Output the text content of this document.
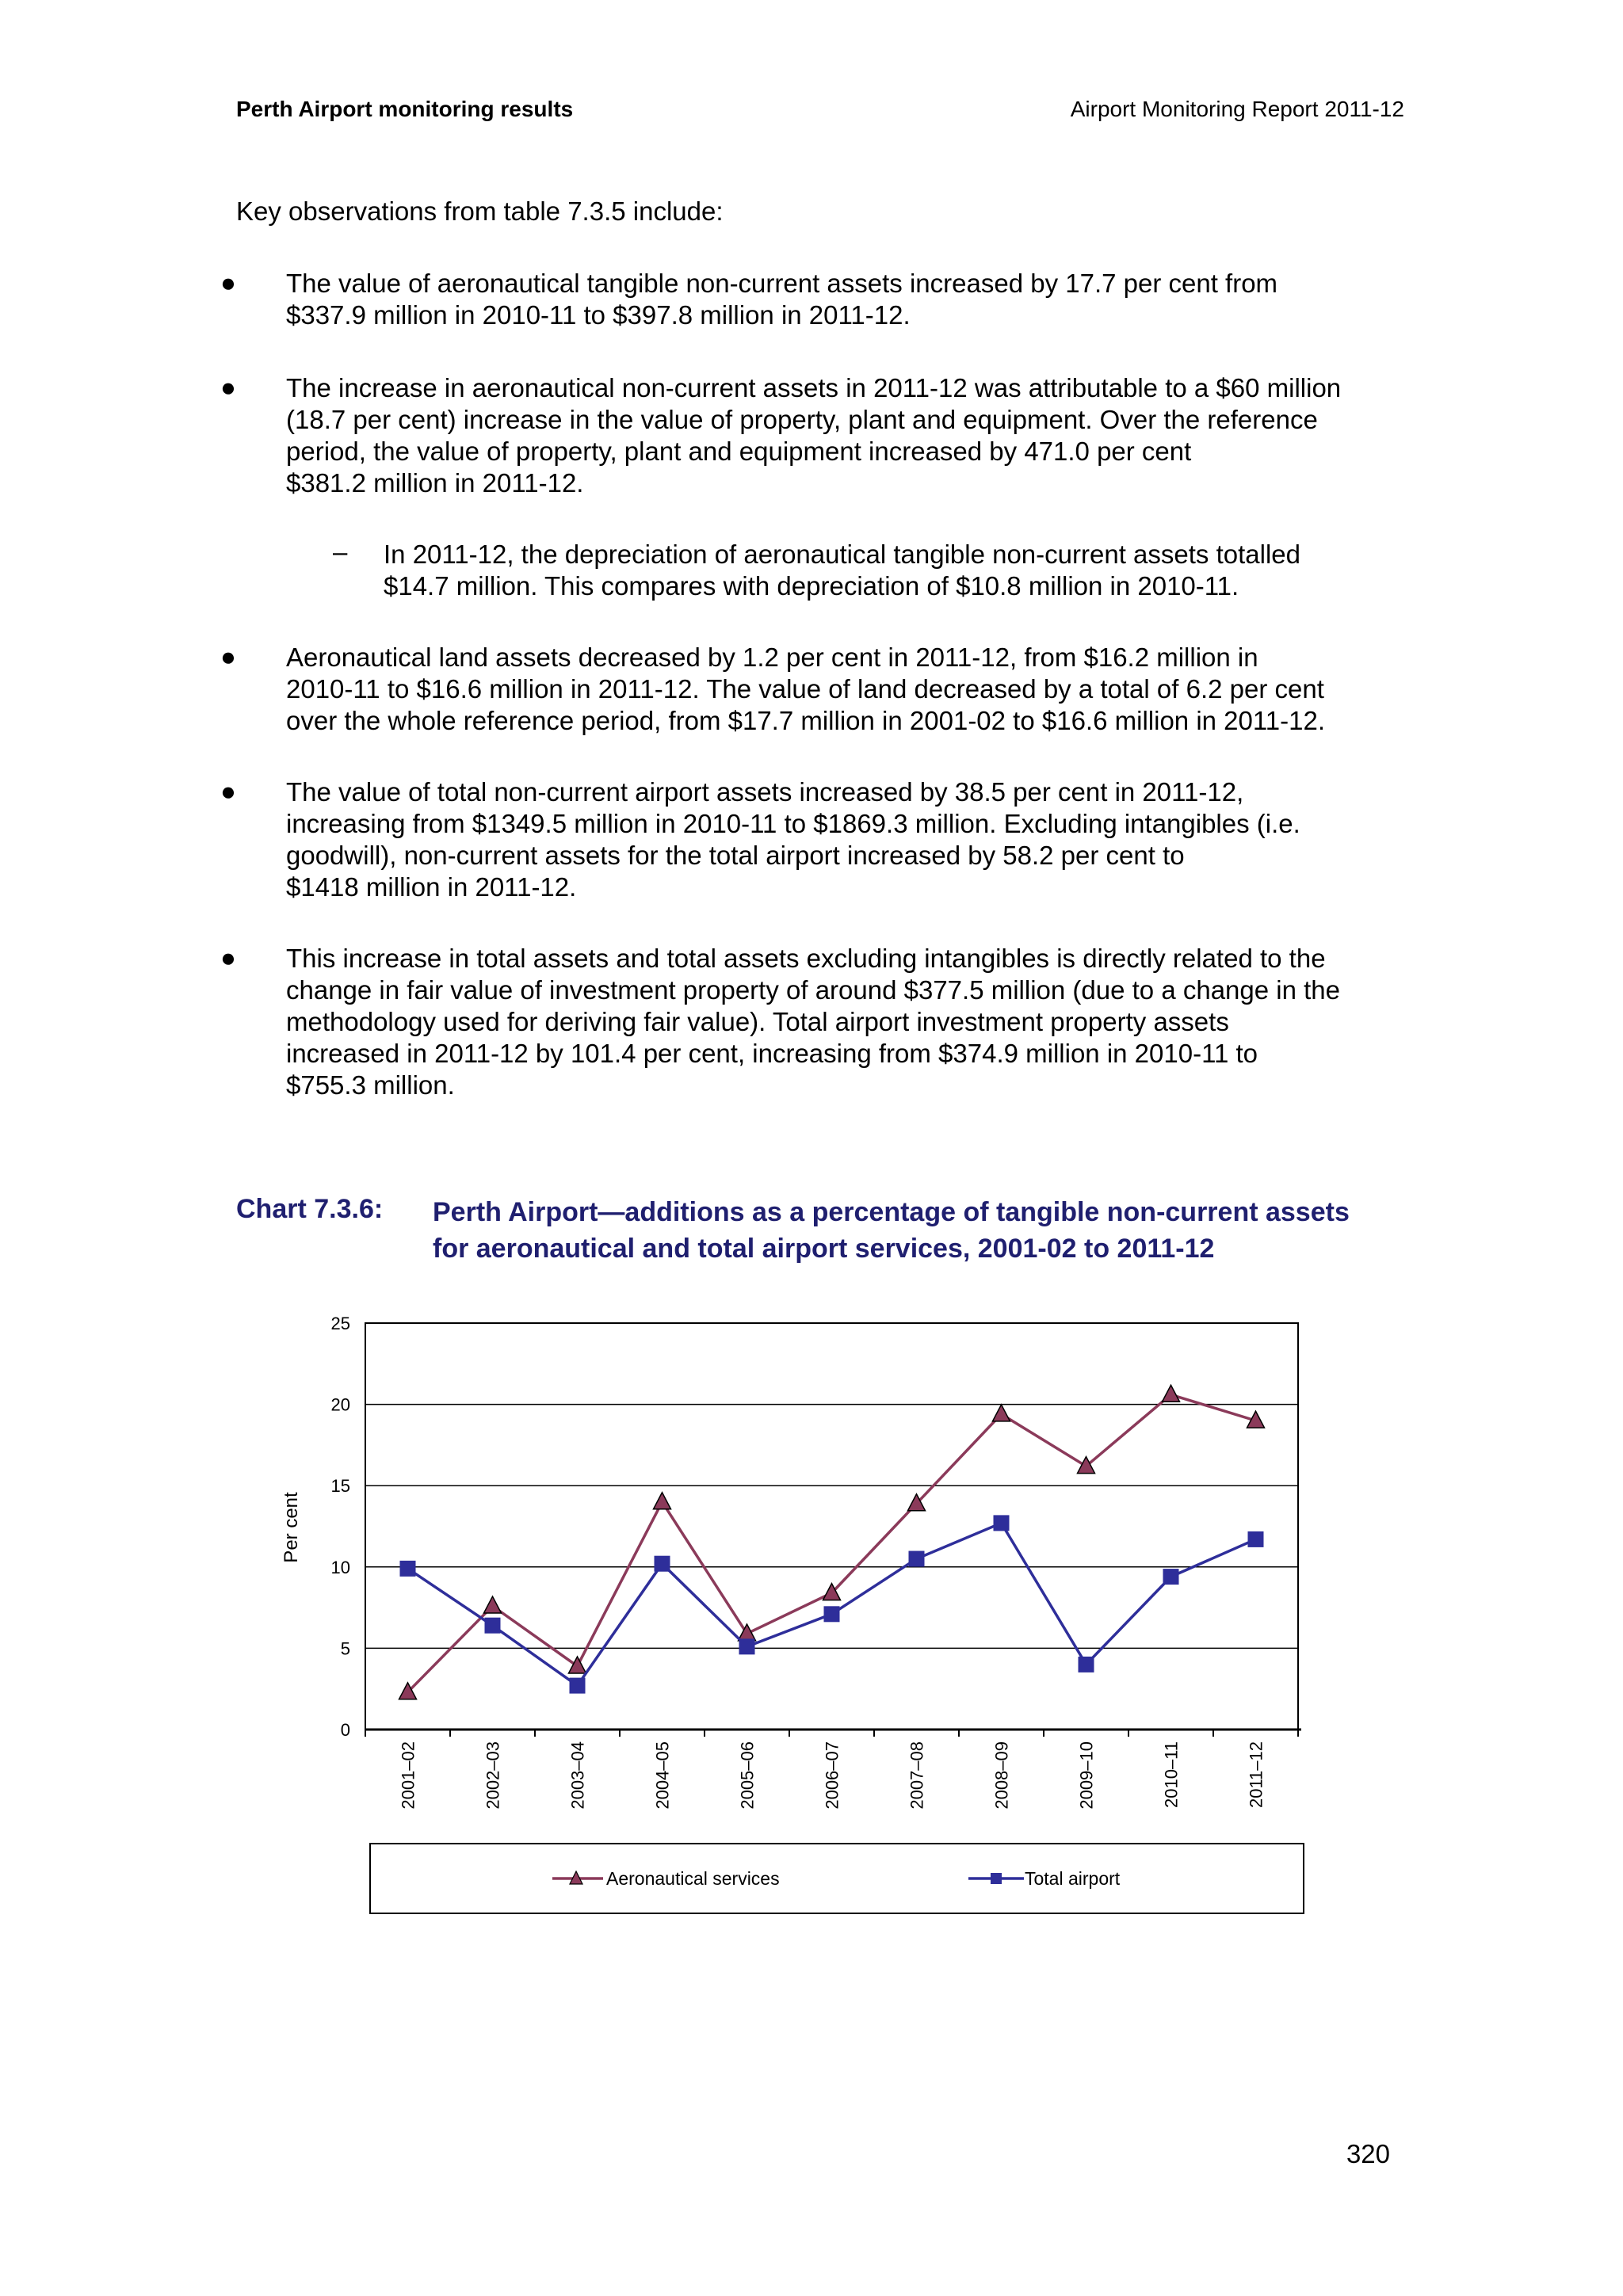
Perth Airport monitoring results	Airport Monitoring Report 2011-12
Key observations from table 7.3.5 include:
●	The value of aeronautical tangible non-current assets increased by 17.7 per cent from
$337.9 million in 2010-11 to $397.8 million in 2011-12.
●	The increase in aeronautical non-current assets in 2011-12 was attributable to a $60 million
(18.7 per cent) increase in the value of property, plant and equipment. Over the reference
period, the value of property, plant and equipment increased by 471.0 per cent
$381.2 million in 2011-12.
– In 2011-12, the depreciation of aeronautical tangible non-current assets totalled
$14.7 million. This compares with depreciation of $10.8 million in 2010-11.
●	Aeronautical land assets decreased by 1.2 per cent in 2011-12, from $16.2 million in
2010-11 to $16.6 million in 2011-12. The value of land decreased by a total of 6.2 per cent
over the whole reference period, from $17.7 million in 2001-02 to $16.6 million in 2011-12.
●	The value of total non-current airport assets increased by 38.5 per cent in 2011-12,
increasing from $1349.5 million in 2010-11 to $1869.3 million. Excluding intangibles (i.e.
goodwill), non-current assets for the total airport increased by 58.2 per cent to
$1418 million in 2011-12.
●	This increase in total assets and total assets excluding intangibles is directly related to the
change in fair value of investment property of around $377.5 million (due to a change in the
methodology used for deriving fair value). Total airport investment property assets
increased in 2011-12 by 101.4 per cent, increasing from $374.9 million in 2010-11 to
$755.3 million.
Chart 7.3.6: Perth Airport—additions as a percentage of tangible non-current assets
for aeronautical and total airport services, 2001-02 to 2011-12
0
5
10
15
20
25
2001–02	2002–03	2003–04	2004–05	2005–06	2006–07	2007–08	2008–09	2009–10	2010–11	2011–12
Per cent
Aeronautical services	Total airport
320
